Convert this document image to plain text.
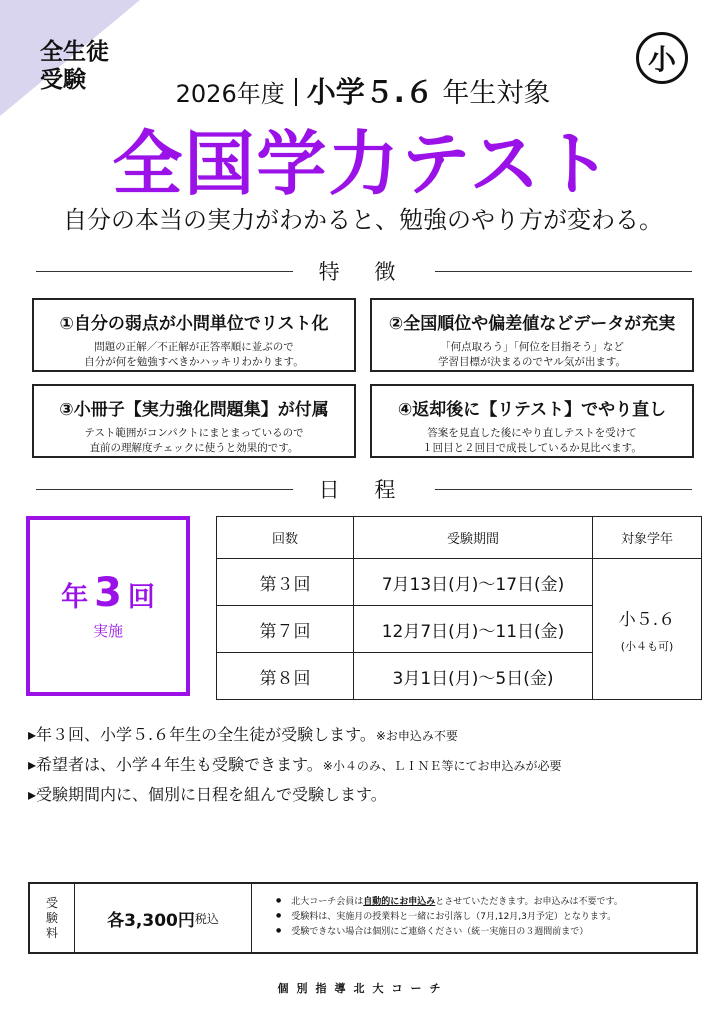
全生徒
受験
小
2026年度 小学５.６ 年生対象
全国学力テスト
自分の本当の実力がわかると、勉強のやり方が変わる。
特 徴
①自分の弱点が小問単位でリスト化
問題の正解／不正解が正答率順に並ぶので
自分が何を勉強すべきかハッキリわかります。
②全国順位や偏差値などデータが充実
「何点取ろう」「何位を目指そう」など
学習目標が決まるのでヤル気が出ます。
③小冊子【実力強化問題集】が付属
テスト範囲がコンパクトにまとまっているので
直前の理解度チェックに使うと効果的です。
④返却後に【リテスト】でやり直し
答案を見直した後にやり直しテストを受けて
１回目と２回目で成長しているか見比べます。
日 程
年 3 回
実施
回数	受験期間	対象学年
第３回	7月13日(月)〜17日(金)	小５.６
(小４も可)

第７回	12月7日(月)〜11日(金)	
第８回	3月1日(月)〜5日(金)	
▸年３回、小学５.６年生の全生徒が受験します。※お申込み不要
▸希望者は、小学４年生も受験できます。※小４のみ、ＬＩＮＥ等にてお申込みが必要
▸受験期間内に、個別に日程を組んで受験します。
受
験
料
各3,300円 税込
● 北大コーチ会員は自動的にお申込みとさせていただきます。お申込みは不要です。
● 受験料は、実施月の授業料と一緒にお引落し（7月,12月,3月予定）となります。
● 受験できない場合は個別にご連絡ください（統一実施日の３週間前まで）
個別指導北大コーチ
